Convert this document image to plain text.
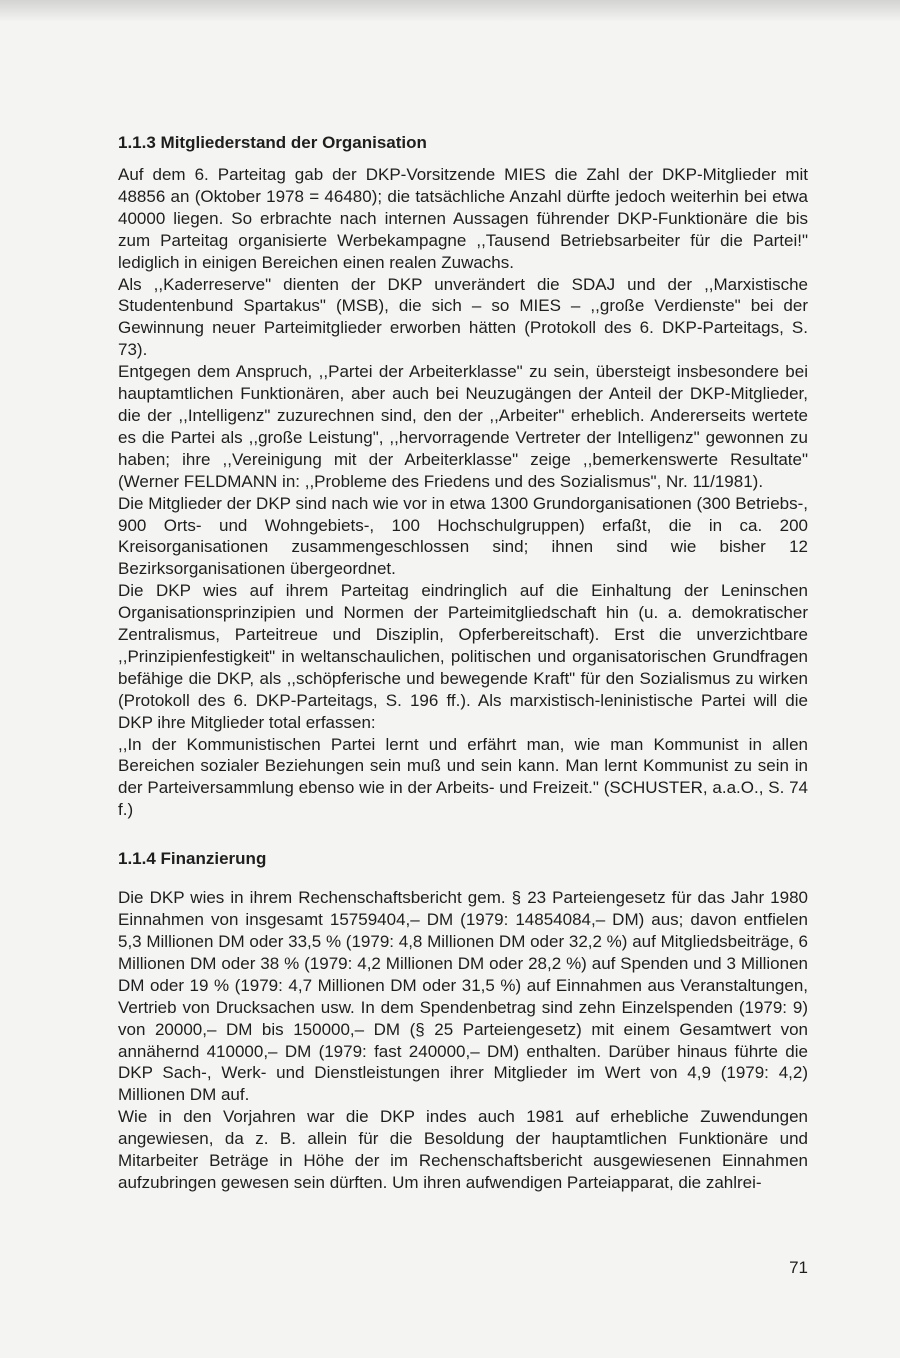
1.1.3 Mitgliederstand der Organisation

Auf dem 6. Parteitag gab der DKP-Vorsitzende MIES die Zahl der DKP-Mitglieder mit 48856 an (Oktober 1978 = 46480); die tatsächliche Anzahl dürfte jedoch weiterhin bei etwa 40000 liegen. So erbrachte nach internen Aussagen führender DKP-Funktionäre die bis zum Parteitag organisierte Werbekampagne ,,Tausend Betriebsarbeiter für die Partei!" lediglich in einigen Bereichen einen realen Zuwachs.

Als ,,Kaderreserve" dienten der DKP unverändert die SDAJ und der ,,Marxistische Studentenbund Spartakus" (MSB), die sich – so MIES – ,,große Verdienste" bei der Gewinnung neuer Parteimitglieder erworben hätten (Protokoll des 6. DKP-Parteitags, S. 73).

Entgegen dem Anspruch, ,,Partei der Arbeiterklasse" zu sein, übersteigt insbesondere bei hauptamtlichen Funktionären, aber auch bei Neuzugängen der Anteil der DKP-Mitglieder, die der ,,Intelligenz" zuzurechnen sind, den der ,,Arbeiter" erheblich. Andererseits wertete es die Partei als ,,große Leistung", ,,hervorragende Vertreter der Intelligenz" gewonnen zu haben; ihre ,,Vereinigung mit der Arbeiterklasse" zeige ,,bemerkenswerte Resultate" (Werner FELDMANN in: ,,Probleme des Friedens und des Sozialismus", Nr. 11/1981).

Die Mitglieder der DKP sind nach wie vor in etwa 1300 Grundorganisationen (300 Betriebs-, 900 Orts- und Wohngebiets-, 100 Hochschulgruppen) erfaßt, die in ca. 200 Kreisorganisationen zusammengeschlossen sind; ihnen sind wie bisher 12 Bezirksorganisationen übergeordnet.

Die DKP wies auf ihrem Parteitag eindringlich auf die Einhaltung der Leninschen Organisationsprinzipien und Normen der Parteimitgliedschaft hin (u. a. demokratischer Zentralismus, Parteitreue und Disziplin, Opferbereitschaft). Erst die unverzichtbare ,,Prinzipienfestigkeit" in weltanschaulichen, politischen und organisatorischen Grundfragen befähige die DKP, als ,,schöpferische und bewegende Kraft" für den Sozialismus zu wirken (Protokoll des 6. DKP-Parteitags, S. 196 ff.). Als marxistisch-leninistische Partei will die DKP ihre Mitglieder total erfassen:

,,In der Kommunistischen Partei lernt und erfährt man, wie man Kommunist in allen Bereichen sozialer Beziehungen sein muß und sein kann. Man lernt Kommunist zu sein in der Parteiversammlung ebenso wie in der Arbeits- und Freizeit." (SCHUSTER, a.a.O., S. 74 f.)

1.1.4 Finanzierung

Die DKP wies in ihrem Rechenschaftsbericht gem. § 23 Parteiengesetz für das Jahr 1980 Einnahmen von insgesamt 15759404,– DM (1979: 14854084,– DM) aus; davon entfielen 5,3 Millionen DM oder 33,5 % (1979: 4,8 Millionen DM oder 32,2 %) auf Mitgliedsbeiträge, 6 Millionen DM oder 38 % (1979: 4,2 Millionen DM oder 28,2 %) auf Spenden und 3 Millionen DM oder 19 % (1979: 4,7 Millionen DM oder 31,5 %) auf Einnahmen aus Veranstaltungen, Vertrieb von Drucksachen usw. In dem Spendenbetrag sind zehn Einzelspenden (1979: 9) von 20000,– DM bis 150000,– DM (§ 25 Parteiengesetz) mit einem Gesamtwert von annähernd 410000,– DM (1979: fast 240000,– DM) enthalten. Darüber hinaus führte die DKP Sach-, Werk- und Dienstleistungen ihrer Mitglieder im Wert von 4,9 (1979: 4,2) Millionen DM auf.

Wie in den Vorjahren war die DKP indes auch 1981 auf erhebliche Zuwendungen angewiesen, da z. B. allein für die Besoldung der hauptamtlichen Funktionäre und Mitarbeiter Beträge in Höhe der im Rechenschaftsbericht ausgewiesenen Einnahmen aufzubringen gewesen sein dürften. Um ihren aufwendigen Parteiapparat, die zahlrei-

71
